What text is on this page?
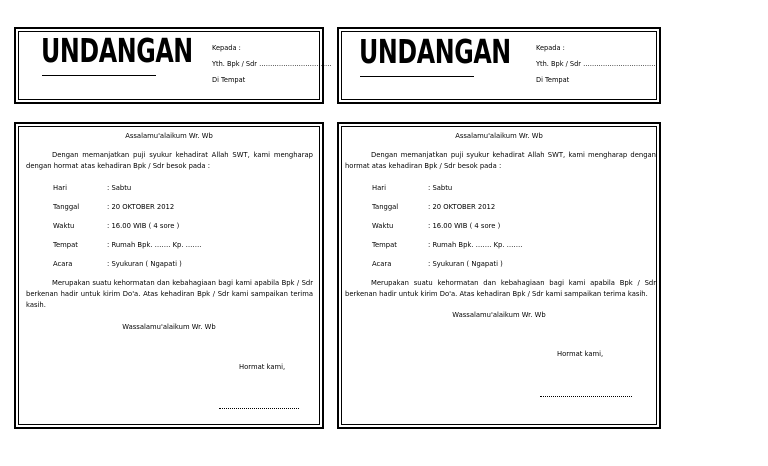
UNDANGAN	Kepada :
Yth. Bpk / Sdr ……………………………
Di Tempat
UNDANGAN	Kepada :
Yth. Bpk / Sdr ……………………………
Di Tempat
Assalamu'alaikum Wr. Wb
Dengan memanjatkan puji syukur kehadirat Allah SWT, kami mengharap dengan hormat atas kehadiran Bpk / Sdr besok pada :
Hari	: Sabtu
Tanggal	: 20 OKTOBER 2012
Waktu	: 16.00 WIB ( 4 sore )
Tempat	: Rumah Bpk. ……. Kp. …….
Acara	: Syukuran ( Ngapati )
Merupakan suatu kehormatan dan kebahagiaan bagi kami apabila Bpk / Sdr berkenan hadir untuk kirim Do'a. Atas kehadiran Bpk / Sdr kami sampaikan terima kasih.
Wassalamu'alaikum Wr. Wb
Hormat kami,
Assalamu'alaikum Wr. Wb
Dengan memanjatkan puji syukur kehadirat Allah SWT, kami mengharap dengan hormat atas kehadiran Bpk / Sdr besok pada :
Hari	: Sabtu
Tanggal	: 20 OKTOBER 2012
Waktu	: 16.00 WIB ( 4 sore )
Tempat	: Rumah Bpk. ……. Kp. …….
Acara	: Syukuran ( Ngapati )
Merupakan suatu kehormatan dan kebahagiaan bagi kami apabila Bpk / Sdr berkenan hadir untuk kirim Do'a. Atas kehadiran Bpk / Sdr kami sampaikan terima kasih.
Wassalamu'alaikum Wr. Wb
Hormat kami,
